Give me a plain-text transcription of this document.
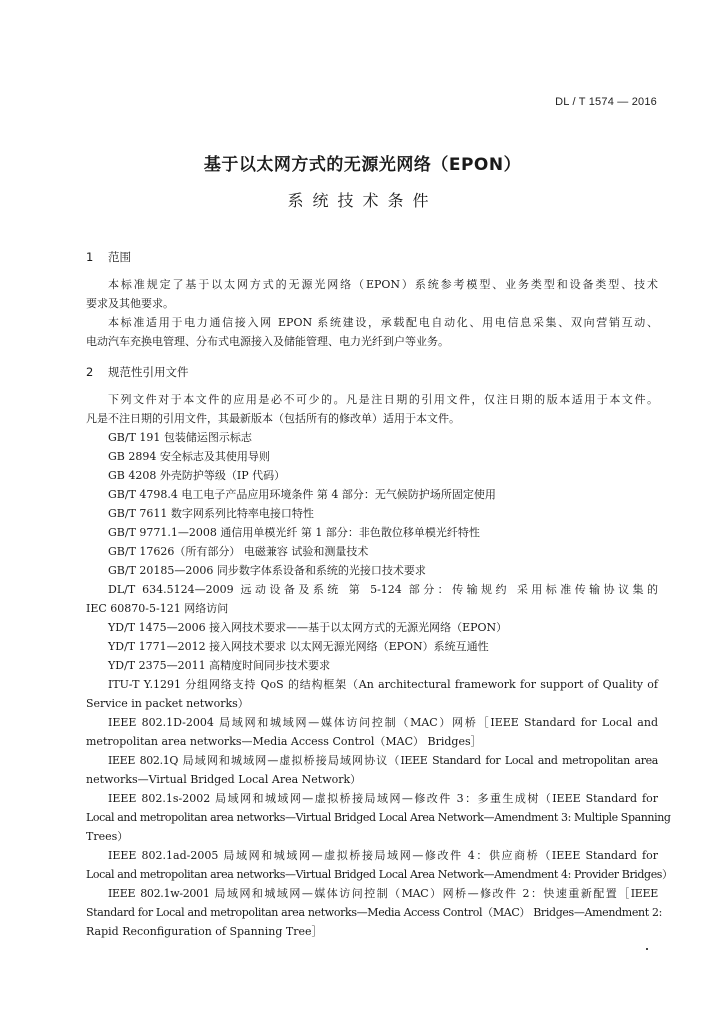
DL / T 1574 — 2016
基于以太网方式的无源光网络（EPON）
系统技术条件
1 范围
本标准规定了基于以太网方式的无源光网络（EPON）系统参考模型、业务类型和设备类型、技术
要求及其他要求。
本标准适用于电力通信接入网 EPON 系统建设，承载配电自动化、用电信息采集、双向营销互动、
电动汽车充换电管理、分布式电源接入及储能管理、电力光纤到户等业务。
2 规范性引用文件
下列文件对于本文件的应用是必不可少的。凡是注日期的引用文件，仅注日期的版本适用于本文件。
凡是不注日期的引用文件，其最新版本（包括所有的修改单）适用于本文件。
GB/T 191 包装储运图示标志
GB 2894 安全标志及其使用导则
GB 4208 外壳防护等级（IP 代码）
GB/T 4798.4 电工电子产品应用环境条件 第 4 部分：无气候防护场所固定使用
GB/T 7611 数字网系列比特率电接口特性
GB/T 9771.1—2008 通信用单模光纤 第 1 部分：非色散位移单模光纤特性
GB/T 17626（所有部分） 电磁兼容 试验和测量技术
GB/T 20185—2006 同步数字体系设备和系统的光接口技术要求
DL/T 634.5124—2009 远动设备及系统 第 5-124 部分：传输规约 采用标准传输协议集的
IEC 60870-5-121 网络访问
YD/T 1475—2006 接入网技术要求——基于以太网方式的无源光网络（EPON）
YD/T 1771—2012 接入网技术要求 以太网无源光网络（EPON）系统互通性
YD/T 2375—2011 高精度时间同步技术要求
ITU-T Y.1291 分组网络支持 QoS 的结构框架（An architectural framework for support of Quality of
Service in packet networks）
IEEE 802.1D-2004 局域网和城域网—媒体访问控制（MAC）网桥［IEEE Standard for Local and
metropolitan area networks—Media Access Control（MAC） Bridges］
IEEE 802.1Q 局域网和城域网—虚拟桥接局域网协议（IEEE Standard for Local and metropolitan area
networks—Virtual Bridged Local Area Network）
IEEE 802.1s-2002 局域网和城域网—虚拟桥接局域网—修改件 3：多重生成树（IEEE Standard for
Local and metropolitan area networks—Virtual Bridged Local Area Network—Amendment 3: Multiple Spanning
Trees）
IEEE 802.1ad-2005 局域网和城域网—虚拟桥接局域网—修改件 4：供应商桥（IEEE Standard for
Local and metropolitan area networks—Virtual Bridged Local Area Network—Amendment 4: Provider Bridges）
IEEE 802.1w-2001 局域网和城域网—媒体访问控制（MAC）网桥—修改件 2：快速重新配置［IEEE
Standard for Local and metropolitan area networks—Media Access Control（MAC） Bridges—Amendment 2:
Rapid Reconfiguration of Spanning Tree］
